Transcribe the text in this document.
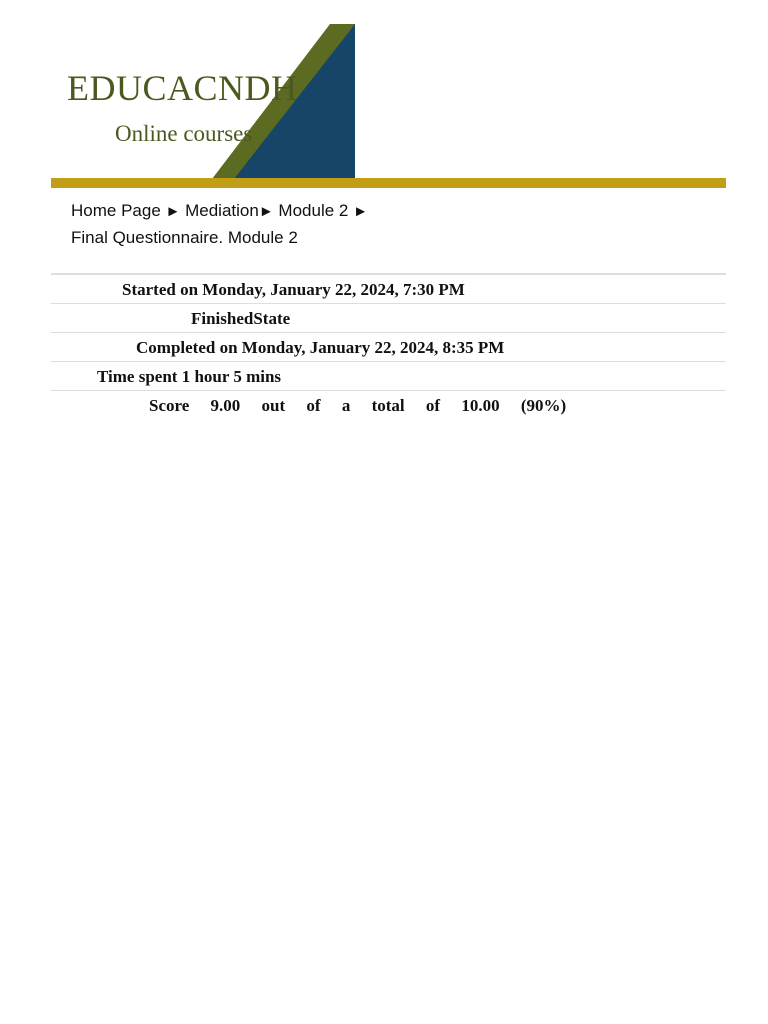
EDUCACNDH
Online courses
Home Page ► Mediation► Module 2 ►
Final Questionnaire. Module 2
Started on Monday, January 22, 2024, 7:30 PM
FinishedState
Completed on Monday, January 22, 2024, 8:35 PM
Time spent 1 hour 5 mins
Score 9.00 out of a total of 10.00 (90%)
